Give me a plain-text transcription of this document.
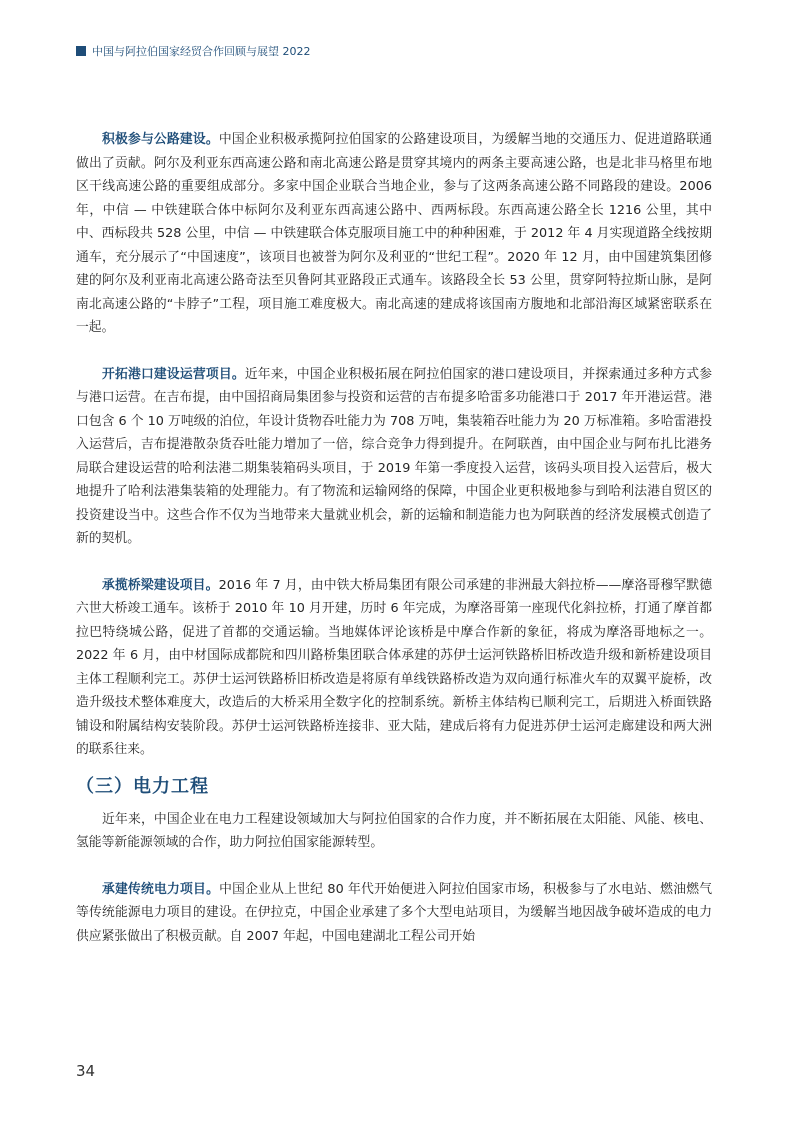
中国与阿拉伯国家经贸合作回顾与展望 2022

积极参与公路建设。中国企业积极承揽阿拉伯国家的公路建设项目，为缓解当地的交通压力、促进道路联通做出了贡献。阿尔及利亚东西高速公路和南北高速公路是贯穿其境内的两条主要高速公路，也是北非马格里布地区干线高速公路的重要组成部分。多家中国企业联合当地企业，参与了这两条高速公路不同路段的建设。2006 年，中信 — 中铁建联合体中标阿尔及利亚东西高速公路中、西两标段。东西高速公路全长 1216 公里，其中中、西标段共 528 公里，中信 — 中铁建联合体克服项目施工中的种种困难，于 2012 年 4 月实现道路全线按期通车，充分展示了“中国速度”，该项目也被誉为阿尔及利亚的“世纪工程”。2020 年 12 月，由中国建筑集团修建的阿尔及利亚南北高速公路奇法至贝鲁阿其亚路段正式通车。该路段全长 53 公里，贯穿阿特拉斯山脉，是阿南北高速公路的“卡脖子”工程，项目施工难度极大。南北高速的建成将该国南方腹地和北部沿海区域紧密联系在一起。

开拓港口建设运营项目。近年来，中国企业积极拓展在阿拉伯国家的港口建设项目，并探索通过多种方式参与港口运营。在吉布提，由中国招商局集团参与投资和运营的吉布提多哈雷多功能港口于 2017 年开港运营。港口包含 6 个 10 万吨级的泊位，年设计货物吞吐能力为 708 万吨，集装箱吞吐能力为 20 万标准箱。多哈雷港投入运营后，吉布提港散杂货吞吐能力增加了一倍，综合竞争力得到提升。在阿联酋，由中国企业与阿布扎比港务局联合建设运营的哈利法港二期集装箱码头项目，于 2019 年第一季度投入运营，该码头项目投入运营后，极大地提升了哈利法港集装箱的处理能力。有了物流和运输网络的保障，中国企业更积极地参与到哈利法港自贸区的投资建设当中。这些合作不仅为当地带来大量就业机会，新的运输和制造能力也为阿联酋的经济发展模式创造了新的契机。

承揽桥梁建设项目。2016 年 7 月，由中铁大桥局集团有限公司承建的非洲最大斜拉桥——摩洛哥穆罕默德六世大桥竣工通车。该桥于 2010 年 10 月开建，历时 6 年完成，为摩洛哥第一座现代化斜拉桥，打通了摩首都拉巴特绕城公路，促进了首都的交通运输。当地媒体评论该桥是中摩合作新的象征，将成为摩洛哥地标之一。2022 年 6 月，由中材国际成都院和四川路桥集团联合体承建的苏伊士运河铁路桥旧桥改造升级和新桥建设项目主体工程顺利完工。苏伊士运河铁路桥旧桥改造是将原有单线铁路桥改造为双向通行标准火车的双翼平旋桥，改造升级技术整体难度大，改造后的大桥采用全数字化的控制系统。新桥主体结构已顺利完工，后期进入桥面铁路铺设和附属结构安装阶段。苏伊士运河铁路桥连接非、亚大陆，建成后将有力促进苏伊士运河走廊建设和两大洲的联系往来。

（三）电力工程

近年来，中国企业在电力工程建设领域加大与阿拉伯国家的合作力度，并不断拓展在太阳能、风能、核电、氢能等新能源领域的合作，助力阿拉伯国家能源转型。

承建传统电力项目。中国企业从上世纪 80 年代开始便进入阿拉伯国家市场，积极参与了水电站、燃油燃气等传统能源电力项目的建设。在伊拉克，中国企业承建了多个大型电站项目，为缓解当地因战争破坏造成的电力供应紧张做出了积极贡献。自 2007 年起，中国电建湖北工程公司开始

34
